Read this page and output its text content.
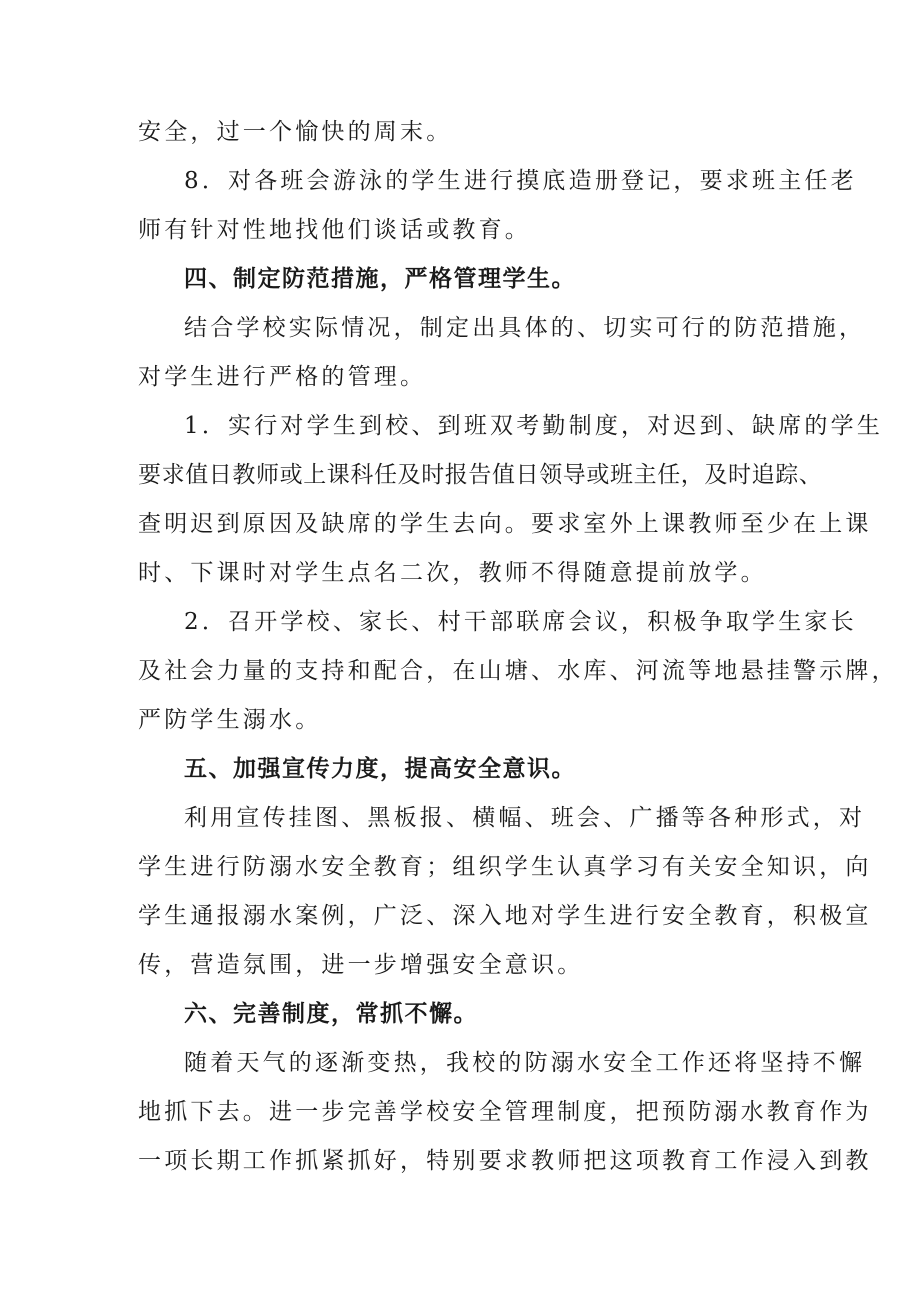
安全，过一个愉快的周末。
8．对各班会游泳的学生进行摸底造册登记，要求班主任老
师有针对性地找他们谈话或教育。
四、制定防范措施，严格管理学生。
结合学校实际情况，制定出具体的、切实可行的防范措施，
对学生进行严格的管理。
1．实行对学生到校、到班双考勤制度，对迟到、缺席的学生
要求值日教师或上课科任及时报告值日领导或班主任，及时追踪、
查明迟到原因及缺席的学生去向。要求室外上课教师至少在上课
时、下课时对学生点名二次，教师不得随意提前放学。
2．召开学校、家长、村干部联席会议，积极争取学生家长
及社会力量的支持和配合，在山塘、水库、河流等地悬挂警示牌，
严防学生溺水。
五、加强宣传力度，提高安全意识。
利用宣传挂图、黑板报、横幅、班会、广播等各种形式，对
学生进行防溺水安全教育；组织学生认真学习有关安全知识，向
学生通报溺水案例，广泛、深入地对学生进行安全教育，积极宣
传，营造氛围，进一步增强安全意识。
六、完善制度，常抓不懈。
随着天气的逐渐变热，我校的防溺水安全工作还将坚持不懈
地抓下去。进一步完善学校安全管理制度，把预防溺水教育作为
一项长期工作抓紧抓好，特别要求教师把这项教育工作浸入到教
